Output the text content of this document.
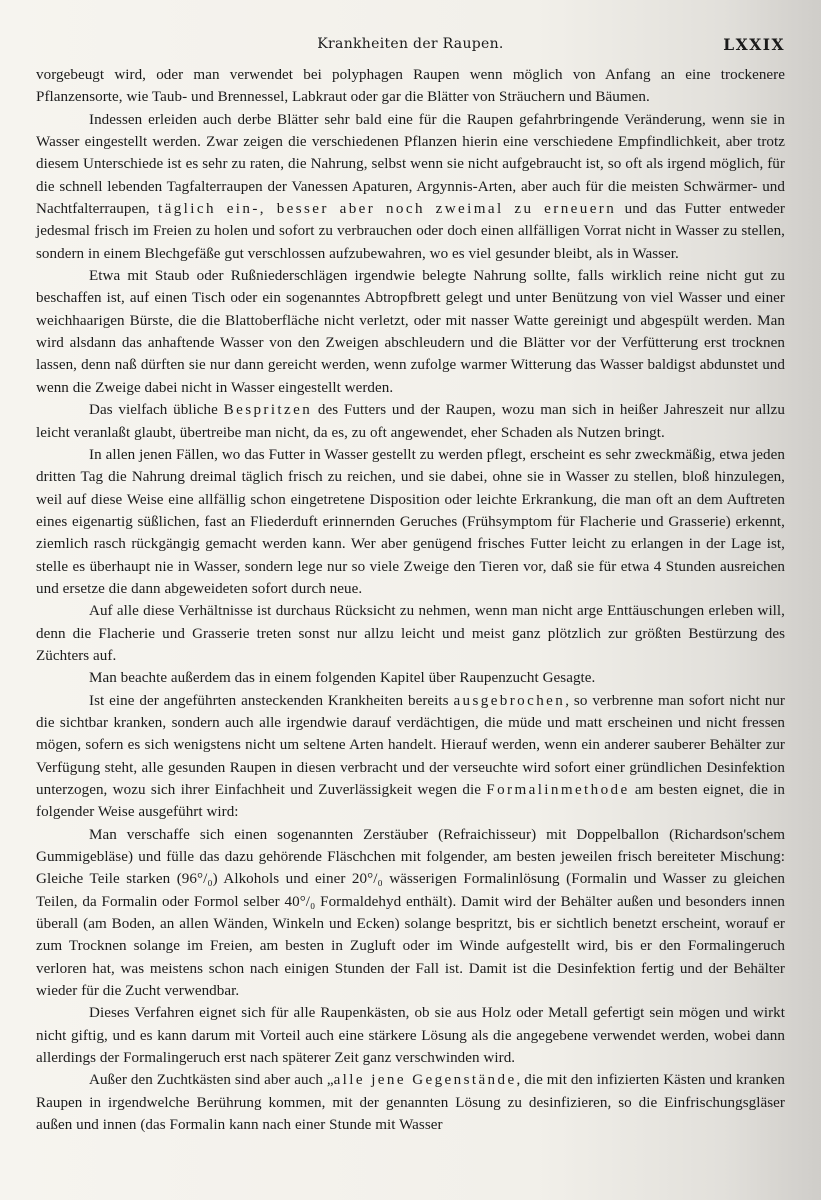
Krankheiten der Raupen.	LXXIX

vorgebeugt wird, oder man verwendet bei polyphagen Raupen wenn möglich von Anfang an eine trockenere Pflanzensorte, wie Taub- und Brennessel, Labkraut oder gar die Blätter von Sträuchern und Bäumen.

Indessen erleiden auch derbe Blätter sehr bald eine für die Raupen gefahrbringende Veränderung, wenn sie in Wasser eingestellt werden. Zwar zeigen die verschiedenen Pflanzen hierin eine verschiedene Empfindlichkeit, aber trotz diesem Unterschiede ist es sehr zu raten, die Nahrung, selbst wenn sie nicht aufgebraucht ist, so oft als irgend möglich, für die schnell lebenden Tagfalterraupen der Vanessen Apaturen, Argynnis-Arten, aber auch für die meisten Schwärmer- und Nachtfalterraupen, täglich ein-, besser aber noch zweimal zu erneuern und das Futter entweder jedesmal frisch im Freien zu holen und sofort zu verbrauchen oder doch einen allfälligen Vorrat nicht in Wasser zu stellen, sondern in einem Blechgefäße gut verschlossen aufzubewahren, wo es viel gesunder bleibt, als in Wasser.

Etwa mit Staub oder Rußniederschlägen irgendwie belegte Nahrung sollte, falls wirklich reine nicht gut zu beschaffen ist, auf einen Tisch oder ein sogenanntes Abtropfbrett gelegt und unter Benützung von viel Wasser und einer weichhaarigen Bürste, die die Blattoberfläche nicht verletzt, oder mit nasser Watte gereinigt und abgespült werden. Man wird alsdann das anhaftende Wasser von den Zweigen abschleudern und die Blätter vor der Verfütterung erst trocknen lassen, denn naß dürften sie nur dann gereicht werden, wenn zufolge warmer Witterung das Wasser baldigst abdunstet und wenn die Zweige dabei nicht in Wasser eingestellt werden.

Das vielfach übliche Bespritzen des Futters und der Raupen, wozu man sich in heißer Jahreszeit nur allzu leicht veranlaßt glaubt, übertreibe man nicht, da es, zu oft angewendet, eher Schaden als Nutzen bringt.

In allen jenen Fällen, wo das Futter in Wasser gestellt zu werden pflegt, erscheint es sehr zweckmäßig, etwa jeden dritten Tag die Nahrung dreimal täglich frisch zu reichen, und sie dabei, ohne sie in Wasser zu stellen, bloß hinzulegen, weil auf diese Weise eine allfällig schon eingetretene Disposition oder leichte Erkrankung, die man oft an dem Auftreten eines eigenartig süßlichen, fast an Fliederduft erinnernden Geruches (Frühsymptom für Flacherie und Grasserie) erkennt, ziemlich rasch rückgängig gemacht werden kann. Wer aber genügend frisches Futter leicht zu erlangen in der Lage ist, stelle es überhaupt nie in Wasser, sondern lege nur so viele Zweige den Tieren vor, daß sie für etwa 4 Stunden ausreichen und ersetze die dann abgeweideten sofort durch neue.

Auf alle diese Verhältnisse ist durchaus Rücksicht zu nehmen, wenn man nicht arge Enttäuschungen erleben will, denn die Flacherie und Grasserie treten sonst nur allzu leicht und meist ganz plötzlich zur größten Bestürzung des Züchters auf.

Man beachte außerdem das in einem folgenden Kapitel über Raupenzucht Gesagte.

Ist eine der angeführten ansteckenden Krankheiten bereits ausgebrochen, so verbrenne man sofort nicht nur die sichtbar kranken, sondern auch alle irgendwie darauf verdächtigen, die müde und matt erscheinen und nicht fressen mögen, sofern es sich wenigstens nicht um seltene Arten handelt. Hierauf werden, wenn ein anderer sauberer Behälter zur Verfügung steht, alle gesunden Raupen in diesen verbracht und der verseuchte wird sofort einer gründlichen Desinfektion unterzogen, wozu sich ihrer Einfachheit und Zuverlässigkeit wegen die Formalinmethode am besten eignet, die in folgender Weise ausgeführt wird:

Man verschaffe sich einen sogenannten Zerstäuber (Refraichisseur) mit Doppelballon (Richardson'schem Gummigebläse) und fülle das dazu gehörende Fläschchen mit folgender, am besten jeweilen frisch bereiteter Mischung: Gleiche Teile starken (96°/₀) Alkohols und einer 20°/₀ wässerigen Formalinlösung (Formalin und Wasser zu gleichen Teilen, da Formalin oder Formol selber 40°/₀ Formaldehyd enthält). Damit wird der Behälter außen und besonders innen überall (am Boden, an allen Wänden, Winkeln und Ecken) solange bespritzt, bis er sichtlich benetzt erscheint, worauf er zum Trocknen solange im Freien, am besten in Zugluft oder im Winde aufgestellt wird, bis er den Formalingeruch verloren hat, was meistens schon nach einigen Stunden der Fall ist. Damit ist die Desinfektion fertig und der Behälter wieder für die Zucht verwendbar.

Dieses Verfahren eignet sich für alle Raupenkästen, ob sie aus Holz oder Metall gefertigt sein mögen und wirkt nicht giftig, und es kann darum mit Vorteil auch eine stärkere Lösung als die angegebene verwendet werden, wobei dann allerdings der Formalingeruch erst nach späterer Zeit ganz verschwinden wird.

Außer den Zuchtkästen sind aber auch „alle jene Gegenstände, die mit den infizierten Kästen und kranken Raupen in irgendwelche Berührung kommen, mit der genannten Lösung zu desinfizieren, so die Einfrischungsgläser außen und innen (das Formalin kann nach einer Stunde mit Wasser
